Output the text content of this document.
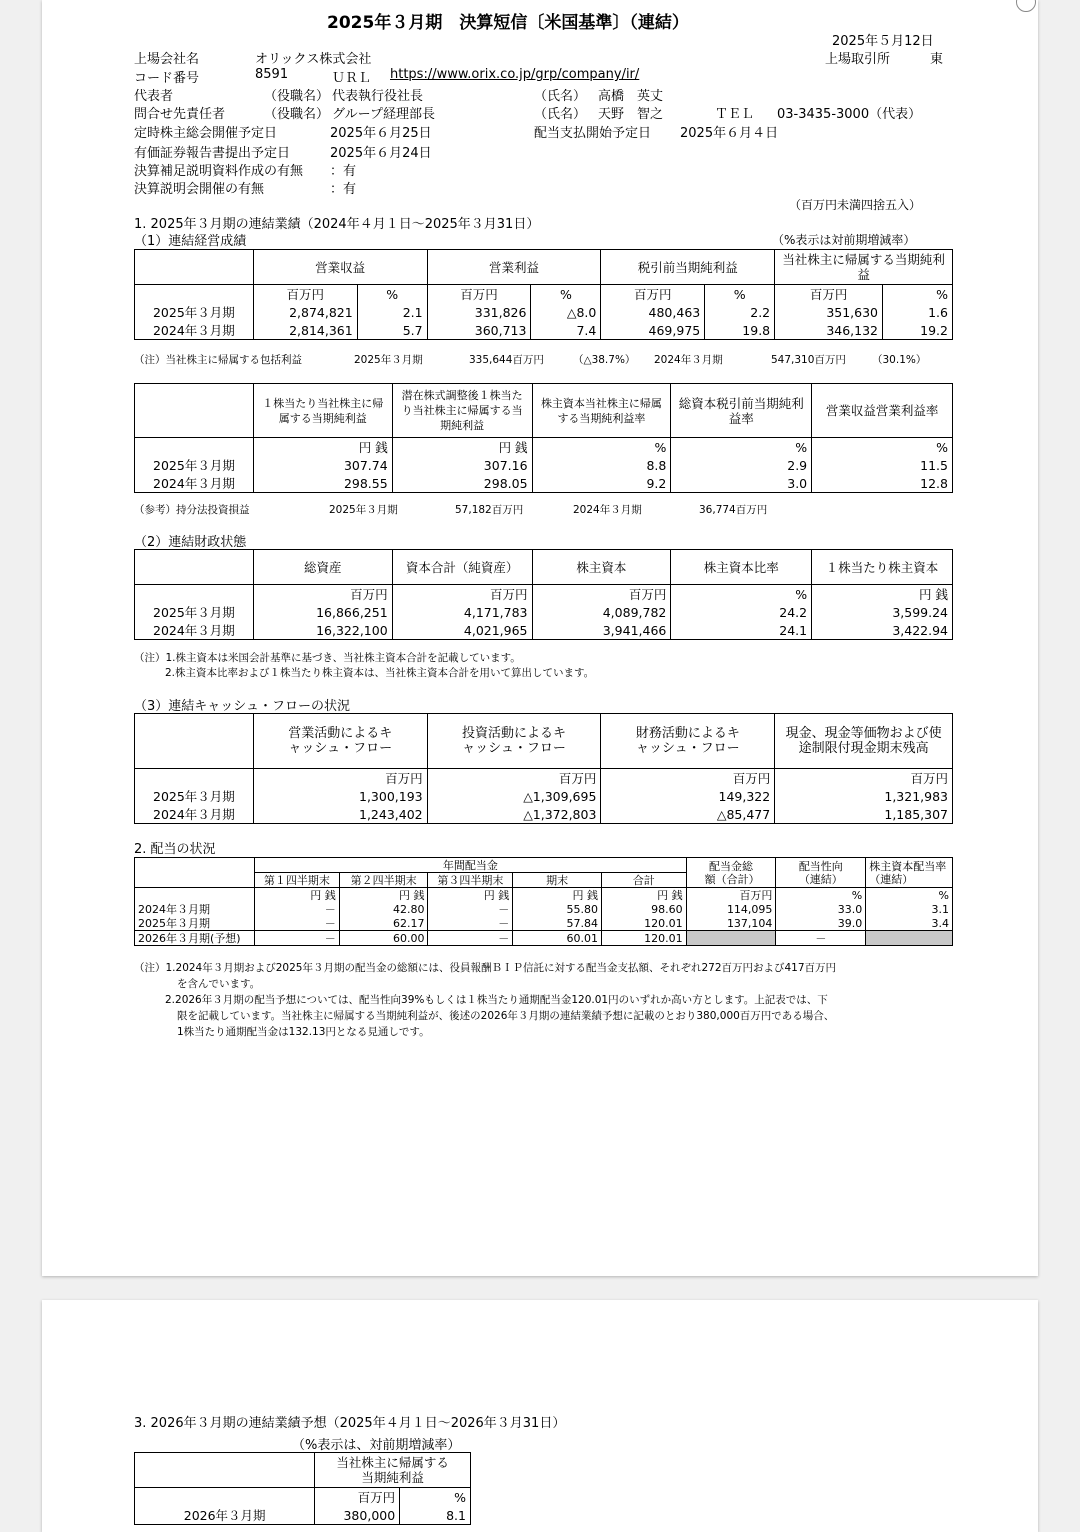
2025年３月期　決算短信〔米国基準〕（連結）
2025年５月12日
上場会社名	オリックス株式会社	上場取引所	東
コード番号	8591	ＵＲＬ https://www.orix.co.jp/grp/company/ir/
代表者	（役職名） 代表執行役社長	（氏名） 高橋　英丈
問合せ先責任者	（役職名） グループ経理部長	（氏名） 天野　智之	ＴＥＬ 03-3435-3000（代表）
定時株主総会開催予定日	2025年６月25日	配当支払開始予定日 2025年６月４日
有価証券報告書提出予定日	2025年６月24日
決算補足説明資料作成の有無 ：有
決算説明会開催の有無	：有
（百万円未満四捨五入）
1. 2025年３月期の連結業績（2024年４月１日～2025年３月31日）
（1）連結経営成績	（%表示は対前期増減率）
	営業収益		営業利益		税引前当期純利益		当社株主に帰属する当期純利益	
	百万円	%	百万円	%	百万円	%	百万円	%
2025年３月期	2,874,821	2.1	331,826	△8.0	480,463	2.2	351,630	1.6
2024年３月期	2,814,361	5.7	360,713	7.4	469,975	19.8	346,132	19.2
（注）当社株主に帰属する包括利益	2025年３月期	335,644百万円	（△38.7%） 2024年３月期	547,310百万円 （30.1%）
	１株当たり当社株主に帰属する当期純利益	潜在株式調整後１株当たり当社株主に帰属する当期純利益	株主資本当社株主に帰属する当期純利益率	総資本税引前当期純利益率	営業収益営業利益率
	円 銭	円 銭	%	%	%
2025年３月期	307.74	307.16	8.8	2.9	11.5
2024年３月期	298.55	298.05	9.2	3.0	12.8
（参考）持分法投資損益	2025年３月期	57,182百万円	2024年３月期	36,774百万円
（2）連結財政状態
	総資産	資本合計（純資産）	株主資本	株主資本比率	１株当たり株主資本
	百万円	百万円	百万円	%	円 銭
2025年３月期	16,866,251	4,171,783	4,089,782	24.2	3,599.24
2024年３月期	16,322,100	4,021,965	3,941,466	24.1	3,422.94
（注）1.株主資本は米国会計基準に基づき、当社株主資本合計を記載しています。
2.株主資本比率および１株当たり株主資本は、当社株主資本合計を用いて算出しています。
（3）連結キャッシュ・フローの状況
	営業活動によるキャッシュ・フロー	投資活動によるキャッシュ・フロー	財務活動によるキャッシュ・フロー	現金、現金等価物および使途制限付現金期末残高
	百万円	百万円	百万円	百万円
2025年３月期	1,300,193	△1,309,695	149,322	1,321,983
2024年３月期	1,243,402	△1,372,803	△85,477	1,185,307
2. 配当の状況
	年間配当金					配当金総額（合計）	配当性向（連結）	株主資本配当率（連結）
	第１四半期末	第２四半期末	第３四半期末	期末	合計			
	円 銭	円 銭	円 銭	円 銭	円 銭	百万円	%	%
2024年３月期	－	42.80	－	55.80	98.60	114,095	33.0	3.1
2025年３月期	－	62.17	－	57.84	120.01	137,104	39.0	3.4
2026年３月期(予想)	－	60.00	－	60.01	120.01		－	
（注）1.2024年３月期および2025年３月期の配当金の総額には、役員報酬ＢＩＰ信託に対する配当金支払額、それぞれ272百万円および417百万円
を含んでいます。
2.2026年３月期の配当予想については、配当性向39%もしくは１株当たり通期配当金120.01円のいずれか高い方とします。上記表では、下
限を記載しています。当社株主に帰属する当期純利益が、後述の2026年３月期の連結業績予想に記載のとおり380,000百万円である場合、
1株当たり通期配当金は132.13円となる見通しです。
3. 2026年３月期の連結業績予想（2025年４月１日～2026年３月31日）
（%表示は、対前期増減率）
	当社株主に帰属する当期純利益	
	百万円	%
2026年３月期	380,000	8.1
